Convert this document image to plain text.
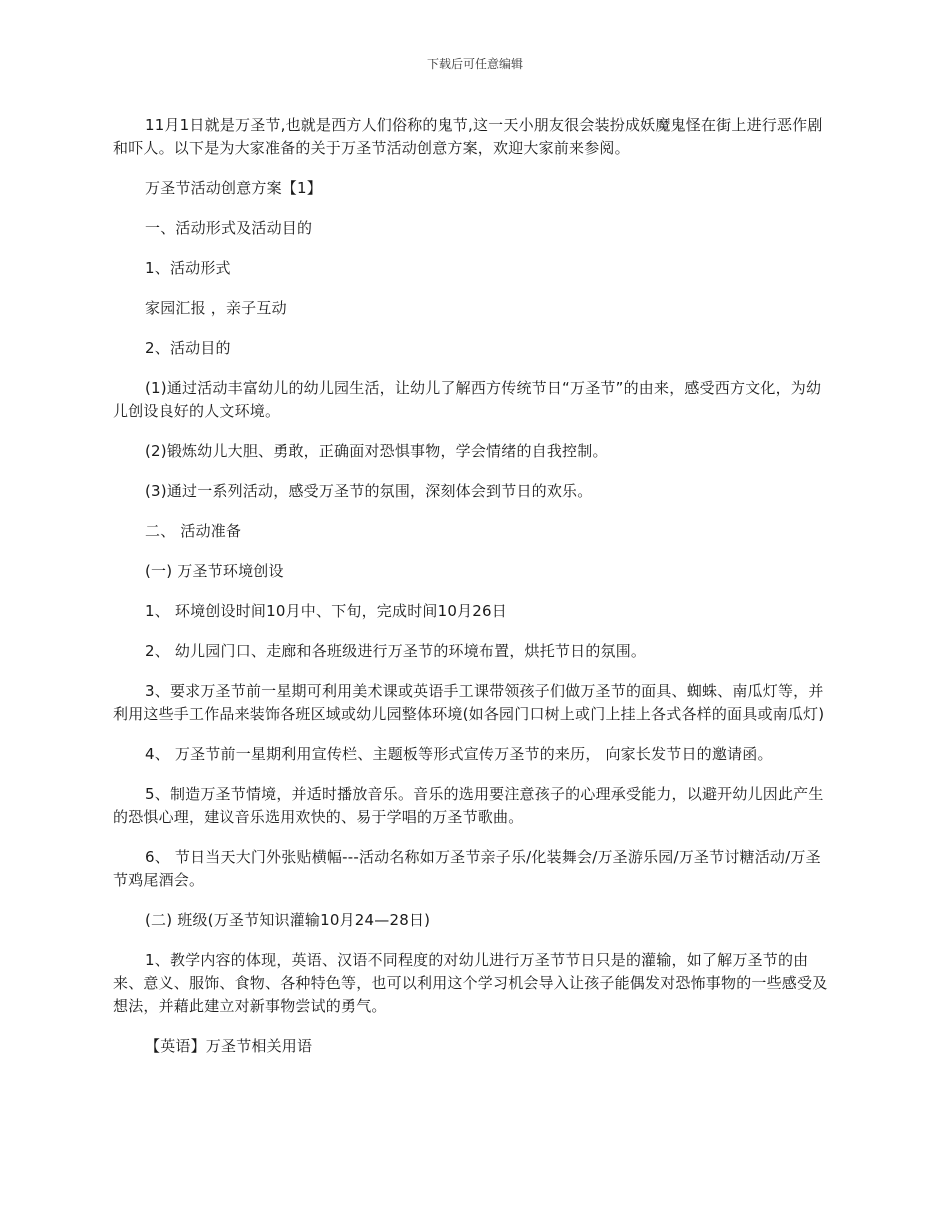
下载后可任意编辑

11月1日就是万圣节,也就是西方人们俗称的鬼节,这一天小朋友很会装扮成妖魔鬼怪在街上进行恶作剧和吓人。以下是为大家准备的关于万圣节活动创意方案，欢迎大家前来参阅。

万圣节活动创意方案【1】

一、活动形式及活动目的

1、活动形式

家园汇报 ，亲子互动

2、活动目的

(1)通过活动丰富幼儿的幼儿园生活，让幼儿了解西方传统节日“万圣节”的由来，感受西方文化，为幼儿创设良好的人文环境。

(2)锻炼幼儿大胆、勇敢，正确面对恐惧事物，学会情绪的自我控制。

(3)通过一系列活动，感受万圣节的氛围，深刻体会到节日的欢乐。

二、 活动准备

(一) 万圣节环境创设

1、 环境创设时间10月中、下旬，完成时间10月26日

2、 幼儿园门口、走廊和各班级进行万圣节的环境布置，烘托节日的氛围。

3、要求万圣节前一星期可利用美术课或英语手工课带领孩子们做万圣节的面具、蜘蛛、南瓜灯等，并利用这些手工作品来装饰各班区域或幼儿园整体环境(如各园门口树上或门上挂上各式各样的面具或南瓜灯)

4、 万圣节前一星期利用宣传栏、主题板等形式宣传万圣节的来历， 向家长发节日的邀请函。

5、制造万圣节情境，并适时播放音乐。音乐的选用要注意孩子的心理承受能力，以避开幼儿因此产生的恐惧心理，建议音乐选用欢快的、易于学唱的万圣节歌曲。

6、 节日当天大门外张贴横幅---活动名称如万圣节亲子乐/化装舞会/万圣游乐园/万圣节讨糖活动/万圣节鸡尾酒会。

(二) 班级(万圣节知识灌输10月24—28日)

1、教学内容的体现，英语、汉语不同程度的对幼儿进行万圣节节日只是的灌输，如了解万圣节的由来、意义、服饰、食物、各种特色等，也可以利用这个学习机会导入让孩子能偶发对恐怖事物的一些感受及想法，并藉此建立对新事物尝试的勇气。

【英语】万圣节相关用语
